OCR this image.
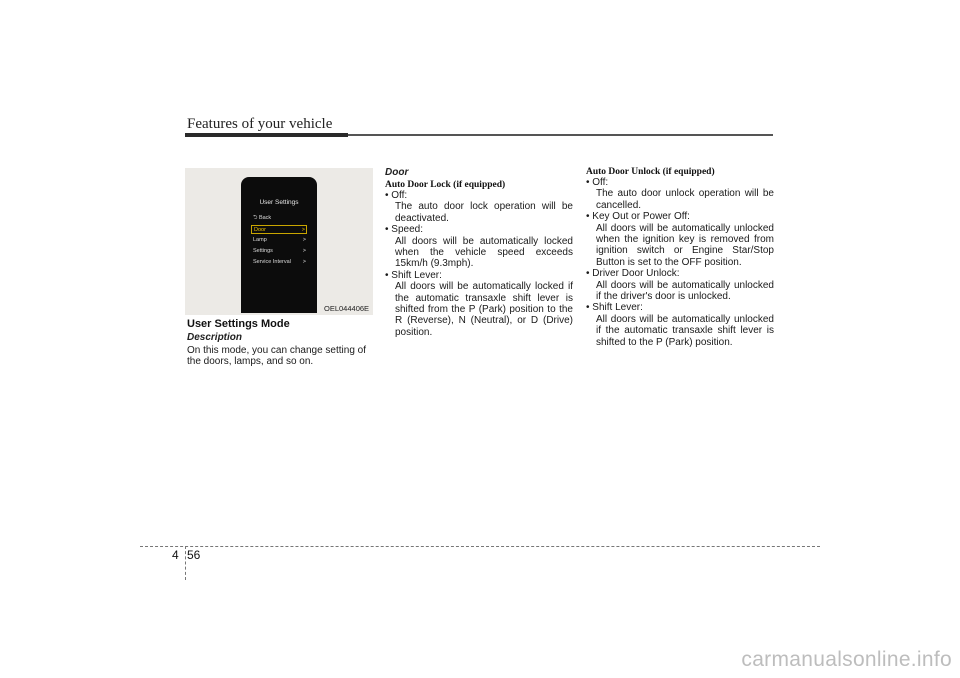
Features of your vehicle
User Settings
⮌ Back
Door	>
Lamp	>
Settings	>
Service Interval >
OEL044406E
User Settings Mode
Description
On this mode, you can change setting of the doors, lamps, and so on.
Door
Auto Door Lock (if equipped)
• Off:
The auto door lock operation will be deactivated.
• Speed:
All doors will be automatically locked when the vehicle speed exceeds 15km/h (9.3mph).
• Shift Lever:
All doors will be automatically locked if the automatic transaxle shift lever is shifted from the P (Park) position to the R (Reverse), N (Neutral), or D (Drive) position.
Auto Door Unlock (if equipped)
• Off:
The auto door unlock operation will be cancelled.
• Key Out or Power Off:
All doors will be automatically unlocked when the ignition key is removed from ignition switch or Engine Star/Stop Button is set to the OFF position.
• Driver Door Unlock:
All doors will be automatically unlocked if the driver's door is unlocked.
• Shift Lever:
All doors will be automatically unlocked if the automatic transaxle shift lever is shifted to the P (Park) position.
4 56
carmanualsonline.info
